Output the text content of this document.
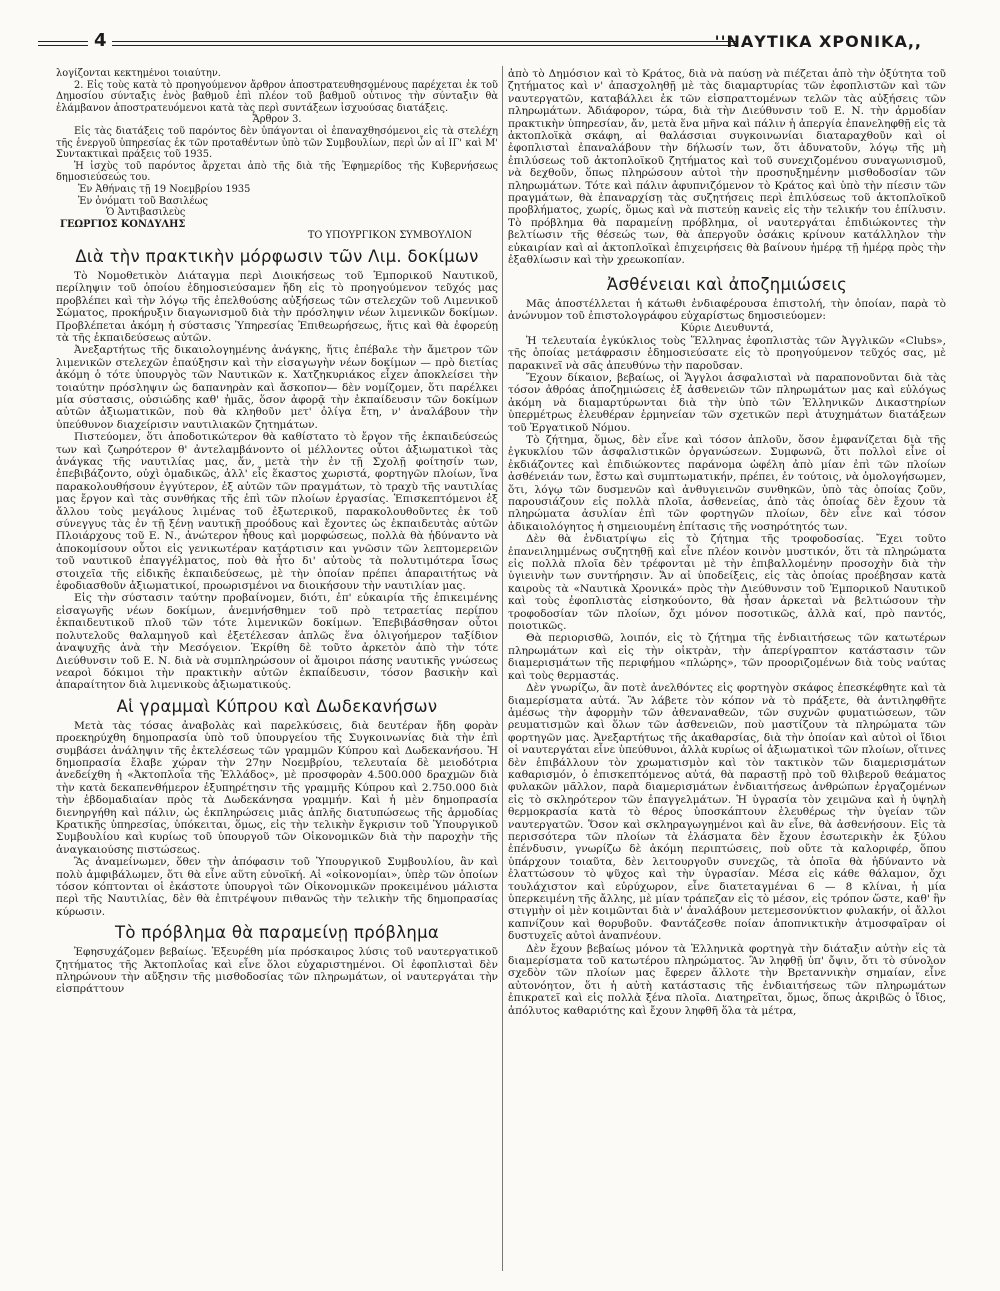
4	''ΝΑΥΤΙΚΑ ΧΡΟΝΙΚΑ,,

λογίζονται κεκτημένοι τοιαύτην.

2. Εἰς τοὺς κατὰ τὸ προηγούμενον ἄρθρον ἀποστρατευθησομένους παρέχεται ἐκ τοῦ Δημοσίου σύνταξις ἑνὸς βαθμοῦ ἐπὶ πλέον τοῦ βαθμοῦ οὗτινος τὴν σύνταξιν θὰ ἐλάμβανον ἀποστρατευόμενοι κατὰ τὰς περὶ συντάξεων ἰσχυούσας διατάξεις.

Ἄρθρον 3.

Εἰς τὰς διατάξεις τοῦ παρόντος δὲν ὑπάγονται οἱ ἐπαναχθησόμενοι εἰς τὰ στελέχη τῆς ἐνεργοῦ ὑπηρεσίας ἐκ τῶν προταθέντων ὑπὸ τῶν Συμβουλίων, περὶ ὧν αἱ ΙΓ' καὶ Μ' Συντακτικαὶ πράξεις τοῦ 1935.

Ἡ ἰσχὺς τοῦ παρόντος ἄρχεται ἀπὸ τῆς διὰ τῆς Ἐφημερίδος τῆς Κυβερνήσεως δημοσιεύσεώς του.

Ἐν Ἀθήναις τῇ 19 Νοεμβρίου 1935

Ἐν ὀνόματι τοῦ Βασιλέως

Ὁ Ἀντιβασιλεὺς

ΓΕΩΡΓΙΟΣ ΚΟΝΔΥΛΗΣ

ΤΟ ΥΠΟΥΡΓΙΚΟΝ ΣΥΜΒΟΥΛΙΟΝ

Διὰ τὴν πρακτικὴν μόρφωσιν τῶν Λιμ. δοκίμων

Τὸ Νομοθετικὸν Διάταγμα περὶ Διοικήσεως τοῦ Ἐμπορικοῦ Ναυτικοῦ, περίληψιν τοῦ ὁποίου ἐδημοσιεύσαμεν ἤδη εἰς τὸ προηγούμενον τεῦχός μας προβλέπει καὶ τὴν λόγῳ τῆς ἐπελθούσης αὐξήσεως τῶν στελεχῶν τοῦ Λιμενικοῦ Σώματος, προκήρυξιν διαγωνισμοῦ διὰ τὴν πρόσληψιν νέων λιμενικῶν δοκίμων. Προβλέπεται ἀκόμη ἡ σύστασις Ὑπηρεσίας Ἐπιθεωρήσεως, ἥτις καὶ θὰ ἐφορεύῃ τὰ τῆς ἐκπαιδεύσεως αὐτῶν.

Ἀνεξαρτήτως τῆς δικαιολογημένης ἀνάγκης, ἥτις ἐπέβαλε τὴν ἄμετρον τῶν λιμενικῶν στελεχῶν ἐπαύξησιν καὶ τὴν εἰσαγωγὴν νέων δοκίμων — πρὸ διετίας ἀκόμη ὁ τότε ὑπουργὸς τῶν Ναυτικῶν κ. Χατζηκυριάκος εἶχεν ἀποκλείσει τὴν τοιαύτην πρόσληψιν ὡς δαπανηρὰν καὶ ἄσκοπον— δὲν νομίζομεν, ὅτι παρέλκει μία σύστασις, οὐσιώδης καθ' ἡμᾶς, ὅσον ἀφορᾷ τὴν ἐκπαίδευσιν τῶν δοκίμων αὐτῶν ἀξιωματικῶν, ποὺ θὰ κληθοῦν μετ' ὀλίγα ἔτη, ν' ἀναλάβουν τὴν ὑπεύθυνον διαχείρισιν ναυτιλιακῶν ζητημάτων.

Πιστεύομεν, ὅτι ἀποδοτικώτερον θὰ καθίστατο τὸ ἔργον τῆς ἐκπαιδεύσεώς των καὶ ζωηρότερον θ' ἀντελαμβάνοντο οἱ μέλλοντες οὗτοι ἀξιωματικοὶ τὰς ἀνάγκας τῆς ναυτιλίας μας, ἄν, μετὰ τὴν ἐν τῇ Σχολῇ φοίτησίν των, ἐπεβιβάζοντο, οὐχὶ ὁμαδικῶς, ἀλλ' εἷς ἕκαστος χωριστά, φορτηγῶν πλοίων, ἵνα παρακολουθήσουν ἐγγύτερον, ἐξ αὐτῶν τῶν πραγμάτων, τὸ τραχὺ τῆς ναυτιλίας μας ἔργον καὶ τὰς συνθήκας τῆς ἐπὶ τῶν πλοίων ἐργασίας. Ἐπισκεπτόμενοι ἐξ ἄλλου τοὺς μεγάλους λιμένας τοῦ ἐξωτερικοῦ, παρακολουθοῦντες ἐκ τοῦ σύνεγγυς τὰς ἐν τῇ ξένῃ ναυτικῇ προόδους καὶ ἔχοντες ὡς ἐκπαιδευτὰς αὐτῶν Πλοιάρχους τοῦ Ε. Ν., ἀνώτερον ἦθους καὶ μορφώσεως, πολλὰ θὰ ἠδύναντο νὰ ἀποκομίσουν οὗτοι εἰς γενικωτέραν κατάρτισιν και γνῶσιν τῶν λεπτομερειῶν τοῦ ναυτικοῦ ἐπαγγέλματος, ποὺ θὰ ἦτο δι' αὐτοὺς τὰ πολυτιμότερα ἴσως στοιχεῖα τῆς εἰδικῆς ἐκπαιδεύσεως, μὲ τὴν ὁποίαν πρέπει ἀπαραιτήτως νὰ ἐφοδιασθοῦν ἀξιωματικοί, προωρισμένοι να διοικήσουν τὴν ναυτιλίαν μας.

Εἰς τὴν σύστασιν ταύτην προβαίνομεν, διότι, ἐπ' εὐκαιρία τῆς ἐπικειμένης εἰσαγωγῆς νέων δοκίμων, ἀνεμνήσθημεν τοῦ πρὸ τετραετίας περίπου ἐκπαιδευτικοῦ πλοῦ τῶν τότε λιμενικῶν δοκίμων. Ἐπεβιβάσθησαν οὗτοι πολυτελοῦς θαλαμηγοῦ καὶ ἐξετέλεσαν ἁπλῶς ἕνα ὀλιγοήμερον ταξίδιον ἀναψυχῆς ἀνὰ τὴν Μεσόγειον. Ἐκρίθη δὲ τοῦτο ἀρκετὸν ἀπὸ τὴν τότε Διεύθυνσιν τοῦ Ε. Ν. διὰ νὰ συμπληρώσουν οἱ ἄμοιροι πάσης ναυτικῆς γνώσεως νεαροὶ δόκιμοι τὴν πρακτικὴν αὐτῶν ἐκπαίδευσιν, τόσον βασικὴν καὶ ἀπαραίτητον διὰ λιμενικοὺς ἀξιωματικούς.

Αἱ γραμμαὶ Κύπρου καὶ Δωδεκανήσων

Μετὰ τὰς τόσας ἀναβολὰς καὶ παρελκύσεις, διὰ δευτέραν ἤδη φορὰν προεκηρύχθη δημοπρασία ὑπὸ τοῦ ὑπουργείου τῆς Συγκοινωνίας διὰ τὴν ἐπὶ συμβάσει ἀνάληψιν τῆς ἐκτελέσεως τῶν γραμμῶν Κύπρου καὶ Δωδεκανήσου. Ἡ δημοπρασία ἔλαβε χώραν τὴν 27ην Νοεμβρίου, τελευταία δὲ μειοδότρια ἀνεδείχθη ἡ «Ἀκτοπλοΐα τῆς Ἑλλάδος», μὲ προσφορὰν 4.500.000 δραχμῶν διὰ τὴν κατὰ δεκαπενθήμερον ἐξυπηρέτησιν τῆς γραμμῆς Κύπρου καὶ 2.750.000 διὰ τὴν ἑβδομαδιαίαν πρὸς τὰ Δωδεκάνησα γραμμήν. Καὶ ἡ μὲν δημοπρασία διενηργήθη καὶ πάλιν, ὡς ἐκπληρώσεις μιᾶς ἁπλῆς διατυπώσεως τῆς ἁρμοδίας Κρατικῆς ὑπηρεσίας, ὑπόκειται, ὅμως, εἰς τὴν τελικὴν ἔγκρισιν τοῦ Ὑπουργικοῦ Συμβουλίου καὶ κυρίως τοῦ ὑπουργοῦ τῶν Οἰκονομικῶν διὰ τὴν παροχὴν τῆς ἀναγκαιούσης πιστώσεως.

Ἂς ἀναμείνωμεν, ὅθεν τὴν ἀπόφασιν τοῦ Ὑπουργικοῦ Συμβουλίου, ἂν καὶ πολὺ ἀμφιβάλωμεν, ὅτι θὰ εἶνε αὕτη εὐνοϊκή. Αἱ «οἰκονομίαι», ὑπὲρ τῶν ὁποίων τόσον κόπτονται οἱ ἑκάστοτε ὑπουργοὶ τῶν Οἰκονομικῶν προκειμένου μάλιστα περὶ τῆς Ναυτιλίας, δὲν θὰ ἐπιτρέψουν πιθανῶς τὴν τελικὴν τῆς δημοπρασίας κύρωσιν.

Τὸ πρόβλημα θὰ παραμείνῃ πρόβλημα

Ἐφησυχάζομεν βεβαίως. Ἐξευρέθη μία πρόσκαιρος λύσις τοῦ ναυτεργατικοῦ ζητήματος τῆς Ἀκτοπλοΐας καὶ εἶνε ὅλοι εὐχαριστημένοι. Οἱ ἐφοπλισταὶ δὲν πληρώνουν τὴν αὔξησιν τῆς μισθοδοσίας τῶν πληρωμάτων, οἱ ναυτεργάται τὴν εἰσπράττουν

ἀπὸ τὸ Δημόσιον καὶ τὸ Κράτος, διὰ νὰ παύσῃ νὰ πιέζεται ἀπὸ τὴν ὀξύτητα τοῦ ζητήματος καὶ ν' ἀπασχοληθῇ μὲ τὰς διαμαρτυρίας τῶν ἐφοπλιστῶν καὶ τῶν ναυτεργατῶν, καταβάλλει ἐκ τῶν εἰσπραττομένων τελῶν τὰς αὐξήσεις τῶν πληρωμάτων. Ἀδιάφορον, τώρα, διὰ τὴν Διεύθυνσιν τοῦ Ε. Ν. τὴν ἁρμοδίαν πρακτικὴν ὑπηρεσίαν, ἄν, μετὰ ἕνα μῆνα καὶ πάλιν ἡ ἀπεργία ἐπανεληφθῇ εἰς τὰ ἀκτοπλοϊκὰ σκάφη, αἱ θαλάσσιαι συγκοινωνίαι διαταραχθοῦν καὶ οἱ ἐφοπλισταὶ ἐπαναλάβουν τὴν δήλωσίν των, ὅτι ἀδυνατοῦν, λόγῳ τῆς μὴ ἐπιλύσεως τοῦ ἀκτοπλοϊκοῦ ζητήματος καὶ τοῦ συνεχιζομένου συναγωνισμοῦ, νὰ δεχθοῦν, ὅπως πληρώσουν αὐτοὶ τὴν προσηυξημένην μισθοδοσίαν τῶν πληρωμάτων. Τότε καὶ πάλιν ἀφυπνιζόμενον τὸ Κράτος καὶ ὑπὸ τὴν πίεσιν τῶν πραγμάτων, θὰ ἐπαναρχίσῃ τὰς συζητήσεις περὶ ἐπιλύσεως τοῦ ἀκτοπλοϊκοῦ προβλήματος, χωρίς, ὅμως καὶ νὰ πιστεύῃ κανεὶς εἰς τὴν τελικήν του ἐπίλυσιν. Τὸ πρόβλημα θὰ παραμείνῃ πρόβλημα, οἱ ναυτεργάται ἐπιδιώκοντες τὴν βελτίωσιν τῆς θέσεώς των, θὰ ἀπεργοῦν ὁσάκις κρίνουν κατάλληλον τὴν εὐκαιρίαν καὶ αἱ ἀκτοπλοϊκαὶ ἐπιχειρήσεις θὰ βαίνουν ἡμέρᾳ τῇ ἡμέρᾳ πρὸς τὴν ἐξαθλίωσιν καὶ τὴν χρεωκοπίαν.

Ἀσθένειαι καὶ ἀποζημιώσεις

Μᾶς ἀποστέλλεται ἡ κάτωθι ἐνδιαφέρουσα ἐπιστολή, τὴν ὁποίαν, παρὰ τὸ ἀνώνυμον τοῦ ἐπιστολογράφου εὐχαρίστως δημοσιεύομεν:

Κύριε Διευθυντά,

Ἡ τελευταία ἐγκύκλιος τοὺς Ἕλληνας ἐφοπλιστὰς τῶν Ἀγγλικῶν «Clubs», τῆς ὁποίας μετάφρασιν ἐδημοσιεύσατε εἰς τὸ προηγούμενον τεῦχός σας, μὲ παρακινεῖ νὰ σᾶς ἀπευθύνω τὴν παροῦσαν.

Ἔχουν δίκαιον, βεβαίως, οἱ Ἄγγλοι ἀσφαλισταὶ νὰ παραπονοῦνται διὰ τὰς τόσον ἀθρόας ἀποζημιώσεις ἐξ ἀσθενειῶν τῶν πληρωμάτων μας καὶ εὐλόγως ἀκόμη νὰ διαμαρτύρωνται διὰ τὴν ὑπὸ τῶν Ἑλληνικῶν Δικαστηρίων ὑπερμέτρως ἐλευθέραν ἑρμηνείαν τῶν σχετικῶν περὶ ἀτυχημάτων διατάξεων τοῦ Ἐργατικοῦ Νόμου.

Τὸ ζήτημα, ὅμως, δὲν εἶνε καὶ τόσον ἁπλοῦν, ὅσον ἐμφανίζεται διὰ τῆς ἐγκυκλίου τῶν ἀσφαλιστικῶν ὀργανώσεων. Συμφωνῶ, ὅτι πολλοὶ εἶνε οἱ ἐκδιάζοντες καὶ ἐπιδιώκοντες παράνομα ὠφέλη ἀπὸ μίαν ἐπὶ τῶν πλοίων ἀσθένειάν των, ἔστω καὶ συμπτωματικήν, πρέπει, ἐν τούτοις, νὰ ὁμολογήσωμεν, ὅτι, λόγῳ τῶν δυσμενῶν καὶ ἀνθυγιεινῶν συνθηκῶν, ὑπὸ τὰς ὁποίας ζοῦν, παρουσιάζουν εἰς πολλὰ πλοῖα, ἀσθενείας, ἀπὸ τὰς ὁποίας δὲν ἔχουν τὰ πληρώματα ἀσυλίαν ἐπὶ τῶν φορτηγῶν πλοίων, δὲν εἶνε καὶ τόσον ἀδικαιολόγητος ἡ σημειουμένη ἐπίτασις τῆς νοσηρότητός των.

Δὲν θὰ ἐνδιατρίψω εἰς τὸ ζήτημα τῆς τροφοδοσίας. Ἔχει τοῦτο ἐπανειλημμένως συζητηθῇ καὶ εἶνε πλέον κοινὸν μυστικόν, ὅτι τὰ πληρώματα εἰς πολλὰ πλοῖα δὲν τρέφονται μὲ τὴν ἐπιβαλλομένην προσοχὴν διὰ τὴν ὑγιεινὴν των συντήρησιν. Ἄν αἱ ὑποδείξεις, εἰς τὰς ὁποίας προέβησαν κατὰ καιροὺς τὰ «Ναυτικὰ Χρονικά» πρὸς τὴν Διεύθυνσιν τοῦ Ἐμπορικοῦ Ναυτικοῦ καὶ τοὺς ἐφοπλιστὰς εἰσηκούοντο, θὰ ἦσαν ἀρκεταὶ νὰ βελτιώσουν τὴν τροφοδοσίαν τῶν πλοίων, ὄχι μόνον ποσοτικῶς, ἀλλὰ καί, πρὸ παντός, ποιοτικῶς.

Θὰ περιορισθῶ, λοιπόν, εἰς τὸ ζήτημα τῆς ἐνδιαιτήσεως τῶν κατωτέρων πληρωμάτων καὶ εἰς τὴν οἰκτρὰν, τὴν ἀπερίγραπτον κατάστασιν τῶν διαμερισμάτων τῆς περιφήμου «πλώρης», τῶν προοριζομένων διὰ τοὺς ναύτας καὶ τοὺς θερμαστάς.

Δὲν γνωρίζω, ἂν ποτὲ ἀνελθόντες εἰς φορτηγὸν σκάφος ἐπεσκέφθητε καὶ τὰ διαμερίσματα αὐτά. Ἂν λάβετε τὸν κόπον νὰ τὸ πράξετε, θὰ ἀντιληφθῆτε ἀμέσως τὴν ἀφορμὴν τῶν ἀθεναναθεῶν, τῶν συχνῶν φυματιώσεων, τῶν ρευματισμῶν καὶ ὅλων τῶν ἀσθενειῶν, ποὺ μαστίζουν τὰ πληρώματα τῶν φορτηγῶν μας. Ἀνεξαρτήτως τῆς ἀκαθαρσίας, διὰ τὴν ὁποίαν καὶ αὐτοὶ οἱ ἴδιοι οἱ ναυτεργάται εἶνε ὑπεύθυνοι, ἀλλὰ κυρίως οἱ ἀξιωματικοὶ τῶν πλοίων, οἵτινες δὲν ἐπιβάλλουν τὸν χρωματισμὸν καὶ τὸν τακτικὸν τῶν διαμερισμάτων καθαρισμόν, ὁ ἐπισκεπτόμενος αὐτά, θὰ παραστῇ πρὸ τοῦ θλιβεροῦ θεάματος φυλακῶν μᾶλλον, παρὰ διαμερισμάτων ἐνδιαιτήσεως ἀνθρώπων ἐργαζομένων εἰς τὸ σκληρότερον τῶν ἐπαγγελμάτων. Ἡ ὑγρασία τὸν χειμῶνα καὶ ἡ ὑψηλὴ θερμοκρασία κατὰ τὸ θέρος ὑποσκάπτουν ἐλευθέρως τὴν ὑγείαν τῶν ναυτεργατῶν. Ὅσον καὶ σκληραγωγημένοι καὶ ἂν εἶνε, θὰ ἀσθενήσουν. Εἰς τὰ περισσότερα τῶν πλοίων τὰ ἐλάσματα δὲν ἔχουν ἐσωτερικὴν ἐκ ξύλου ἐπένδυσιν, γνωρίζω δὲ ἀκόμη περιπτώσεις, ποὺ οὔτε τὰ καλοριφέρ, ὅπου ὑπάρχουν τοιαῦτα, δὲν λειτουργοῦν συνεχῶς, τὰ ὁποῖα θὰ ἠδύναντο νὰ ἐλαττώσουν τὸ ψῦχος καὶ τὴν ὑγρασίαν. Μέσα εἰς κάθε θάλαμον, ὄχι τουλάχιστον καὶ εὐρύχωρον, εἶνε διατεταγμέναι 6 — 8 κλίναι, ἡ μία ὑπερκειμένη τῆς ἄλλης, μὲ μίαν τράπεζαν εἰς τὸ μέσον, εἰς τρόπον ὥστε, καθ' ἣν στιγμὴν οἱ μὲν κοιμῶνται διὰ ν' ἀναλάβουν μετεμεσονύκτιον φυλακήν, οἱ ἄλλοι καπνίζουν καὶ θορυβοῦν. Φαντάζεσθε ποίαν ἀποπνικτικὴν ἀτμοσφαῖραν οἱ δυστυχεῖς αὐτοὶ ἀναπνέουν.

Δὲν ἔχουν βεβαίως μόνον τὰ Ἑλληνικὰ φορτηγὰ τὴν διάταξιν αὐτὴν εἰς τὰ διαμερίσματα τοῦ κατωτέρου πληρώματος. Ἂν ληφθῇ ὑπ' ὄψιν, ὅτι τὸ σύνολον σχεδὸν τῶν πλοίων μας ἔφερεν ἄλλοτε τὴν Βρεταννικὴν σημαίαν, εἶνε αὐτονόητον, ὅτι ἡ αὐτὴ κατάστασις τῆς ἐνδιαιτήσεως τῶν πληρωμάτων ἐπικρατεῖ καὶ εἰς πολλὰ ξένα πλοῖα. Διατηρεῖται, ὅμως, ὅπως ἀκριβῶς ὁ ἴδιος, ἀπόλυτος καθαριότης καὶ ἔχουν ληφθῆ ὅλα τὰ μέτρα,
